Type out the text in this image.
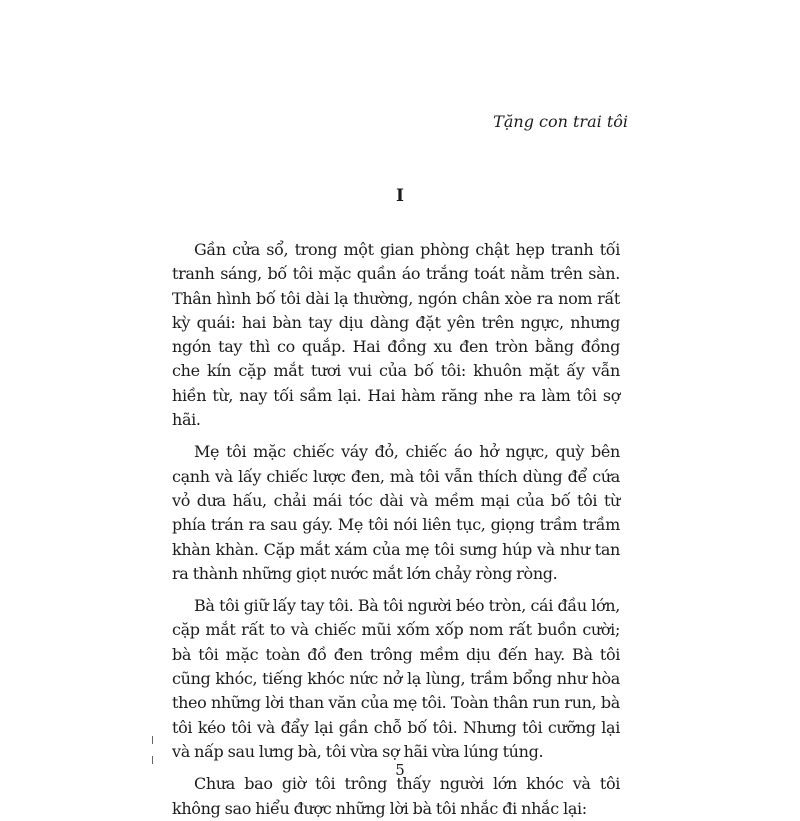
Tặng con trai tôi

I

Gần cửa sổ, trong một gian phòng chật hẹp tranh tối tranh sáng, bố tôi mặc quần áo trắng toát nằm trên sàn. Thân hình bố tôi dài lạ thường, ngón chân xòe ra nom rất kỳ quái: hai bàn tay dịu dàng đặt yên trên ngực, nhưng ngón tay thì co quắp. Hai đồng xu đen tròn bằng đồng che kín cặp mắt tươi vui của bố tôi: khuôn mặt ấy vẫn hiền từ, nay tối sầm lại. Hai hàm răng nhe ra làm tôi sợ hãi.

Mẹ tôi mặc chiếc váy đỏ, chiếc áo hở ngực, quỳ bên cạnh và lấy chiếc lược đen, mà tôi vẫn thích dùng để cứa vỏ dưa hấu, chải mái tóc dài và mềm mại của bố tôi từ phía trán ra sau gáy. Mẹ tôi nói liên tục, giọng trầm trầm khàn khàn. Cặp mắt xám của mẹ tôi sưng húp và như tan ra thành những giọt nước mắt lớn chảy ròng ròng.

Bà tôi giữ lấy tay tôi. Bà tôi người béo tròn, cái đầu lớn, cặp mắt rất to và chiếc mũi xốm xốp nom rất buồn cười; bà tôi mặc toàn đồ đen trông mềm dịu đến hay. Bà tôi cũng khóc, tiếng khóc nức nở lạ lùng, trầm bổng như hòa theo những lời than văn của mẹ tôi. Toàn thân run run, bà tôi kéo tôi và đẩy lại gần chỗ bố tôi. Nhưng tôi cưỡng lại và nấp sau lưng bà, tôi vừa sợ hãi vừa lúng túng.

Chưa bao giờ tôi trông thấy người lớn khóc và tôi không sao hiểu được những lời bà tôi nhắc đi nhắc lại:

5
